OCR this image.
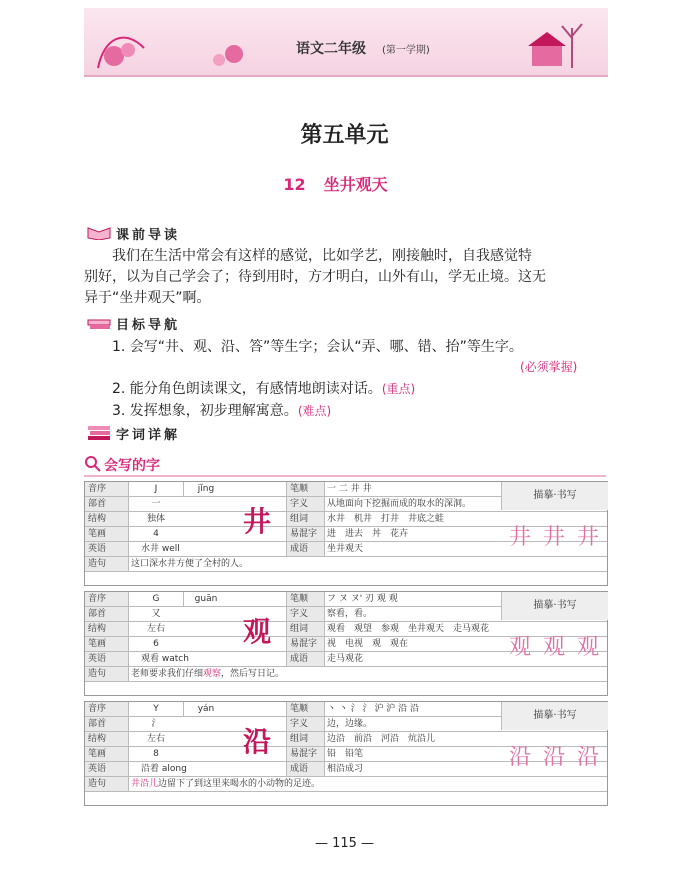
语文二年级 (第一学期)
第五单元
12 坐井观天
课前导读
我们在生活中常会有这样的感觉，比如学艺，刚接触时，自我感觉特
别好，以为自己学会了；待到用时，方才明白，山外有山，学无止境。这无
异于“坐井观天”啊。
目标导航
1. 会写“井、观、沿、答”等生字；会认“弄、哪、错、抬”等生字。
(必须掌握)
2. 能分角色朗读课文，有感情地朗读对话。(重点)
3. 发挥想象，初步理解寓意。(难点)
字词详解
会写的字
音序	J	jǐng	笔顺	一 二 井 井
部首	一	字义	从地面向下挖掘而成的取水的深洞。
结构	独体	组词	水井　机井　打井　井底之蛙
笔画	4	易混字	进　进去　丼　花卉
英语	水井 well	成语	坐井观天
造句	这口深水井方便了全村的人。
井
描摹·书写
井 井 井
音序	G	guān	笔顺	フ ヌ ヌ' 刃 观 观
部首	又	字义	察看，看。
结构	左右	组词	观看　观望　参观　坐井观天　走马观花
笔画	6	易混字	视　电视　观　观在
英语	观看 watch	成语	走马观花
造句	老师要求我们仔细观察，然后写日记。
观
描摹·书写
观 观 观
音序	Y	yán	笔顺	丶 丶 氵 氵 沪 沪 沿 沿
部首	氵	字义	边，边缘。
结构	左右	组词	边沿　前沿　河沿　炕沿儿
笔画	8	易混字	铅　铅笔
英语	沿着 along	成语	相沿成习
造句	井沿儿边留下了到这里来喝水的小动物的足迹。
沿
描摹·书写
沿 沿 沿
— 115 —
